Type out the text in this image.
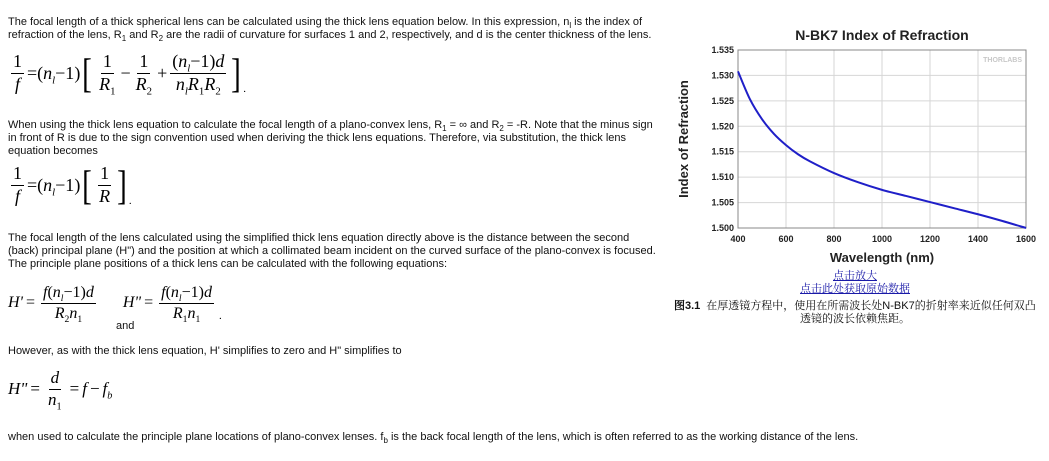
The focal length of a thick spherical lens can be calculated using the thick lens equation below. In this expression, $n_l$ is the index of
refraction of the lens, $R_1$ and $R_2$ are the radii of curvature for surfaces 1 and 2, respectively, and d is the center thickness of the lens.

$\frac{1}{f} = (n_l-1)$ [ $\frac{1}{R_1} - \frac{1}{R_2} + \frac{(n_l-1)d}{n_lR_1R_2}$ ] .

When using the thick lens equation to calculate the focal length of a plano-convex lens, $R_1$ = ∞ and $R_2 = -R$. Note that the minus sign
in front of R is due to the sign convention used when deriving the thick lens equations. Therefore, via substitution, the thick lens
equation becomes

$\frac{1}{f} = (n_l-1)$ [ $\frac{1}{R}$ ] .

The focal length of the lens calculated using the simplified thick lens equation directly above is the distance between the second
(back) principal plane (H") and the position at which a collimated beam incident on the curved surface of the plano-convex is focused.
The principle plane positions of a thick lens can be calculated with the following equations:

$H' = \frac{f(n_l-1)d}{R_2n_1} H$" = $\frac{f(n_l-1)d}{R_1n_1}$ .
and

However, as with the thick lens equation, H' simplifies to zero and H" simplifies to

H" = $\frac{d}{n_1} = f - f_b$

when used to calculate the principle plane locations of plano-convex lenses. $f_b$ is the back focal length of the lens, which is often referred to as the working distance of the lens.

N-BK7 Index of Refraction
THORLABS
1.500
1.505
1.510
1.515
1.520
1.525
1.530
1.535
400	600	800	1000	1200	1400	1600
Wavelength (nm)
Index of Refraction
点击放大
点击此处获取原始数据
图3.1 在厚透镜方程中，使用在所需波长处N-BK7的折射率来近似任何双凸
透镜的波长依赖焦距。
